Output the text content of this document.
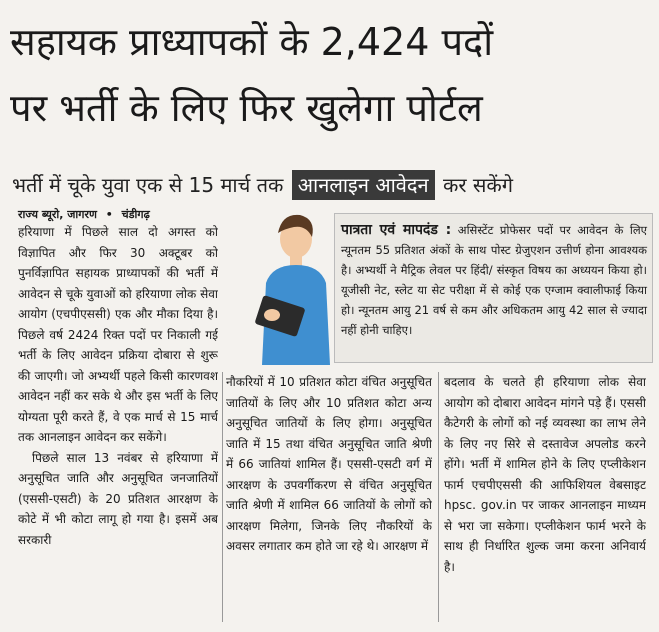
सहायक प्राध्यापकों के 2,424 पदों
पर भर्ती के लिए फिर खुलेगा पोर्टल
भर्ती में चूके युवा एक से 15 मार्च तक आनलाइन आवेदन कर सकेंगे
राज्य ब्यूरो, जागरण • चंडीगढ़

हरियाणा में पिछले साल दो अगस्त को विज्ञापित और फिर 30 अक्टूबर को पुनर्विज्ञापित सहायक प्राध्यापकों की भर्ती में आवेदन से चूके युवाओं को हरियाणा लोक सेवा आयोग (एचपीएससी) एक और मौका दिया है। पिछले वर्ष 2424 रिक्त पदों पर निकाली गई भर्ती के लिए आवेदन प्रक्रिया दोबारा से शुरू की जाएगी। जो अभ्यर्थी पहले किसी कारणवश आवेदन नहीं कर सके थे और इस भर्ती के लिए योग्यता पूरी करते हैं, वे एक मार्च से 15 मार्च तक आनलाइन आवेदन कर सकेंगे।

पिछले साल 13 नवंबर से हरियाणा में अनुसूचित जाति और अनुसूचित जनजातियों (एससी-एसटी) के 20 प्रतिशत आरक्षण के कोटे में भी कोटा लागू हो गया है। इसमें अब सरकारी

पात्रता एवं मापदंड : असिस्टेंट प्रोफेसर पदों पर आवेदन के लिए न्यूनतम 55 प्रतिशत अंकों के साथ पोस्ट ग्रेजुएशन उत्तीर्ण होना आवश्यक है। अभ्यर्थी ने मैट्रिक लेवल पर हिंदी/ संस्कृत विषय का अध्ययन किया हो। यूजीसी नेट, स्लेट या सेट परीक्षा में से कोई एक एग्जाम क्वालीफाई किया हो। न्यूनतम आयु 21 वर्ष से कम और अधिकतम आयु 42 साल से ज्यादा नहीं होनी चाहिए।

नौकरियों में 10 प्रतिशत कोटा वंचित अनुसूचित जातियों के लिए और 10 प्रतिशत कोटा अन्य अनुसूचित जातियों के लिए होगा। अनुसूचित जाति में 15 तथा वंचित अनुसूचित जाति श्रेणी में 66 जातियां शामिल हैं। एससी-एसटी वर्ग में आरक्षण के उपवर्गीकरण से वंचित अनुसूचित जाति श्रेणी में शामिल 66 जातियों के लोगों को आरक्षण मिलेगा, जिनके लिए नौकरियों के अवसर लगातार कम होते जा रहे थे। आरक्षण में

बदलाव के चलते ही हरियाणा लोक सेवा आयोग को दोबारा आवेदन मांगने पड़े हैं। एससी कैटेगरी के लोगों को नई व्यवस्था का लाभ लेने के लिए नए सिरे से दस्तावेज अपलोड करने होंगे। भर्ती में शामिल होने के लिए एप्लीकेशन फार्म एचपीएससी की आफिशियल वेबसाइट hpsc. gov.in पर जाकर आनलाइन माध्यम से भरा जा सकेगा। एप्लीकेशन फार्म भरने के साथ ही निर्धारित शुल्क जमा करना अनिवार्य है।
